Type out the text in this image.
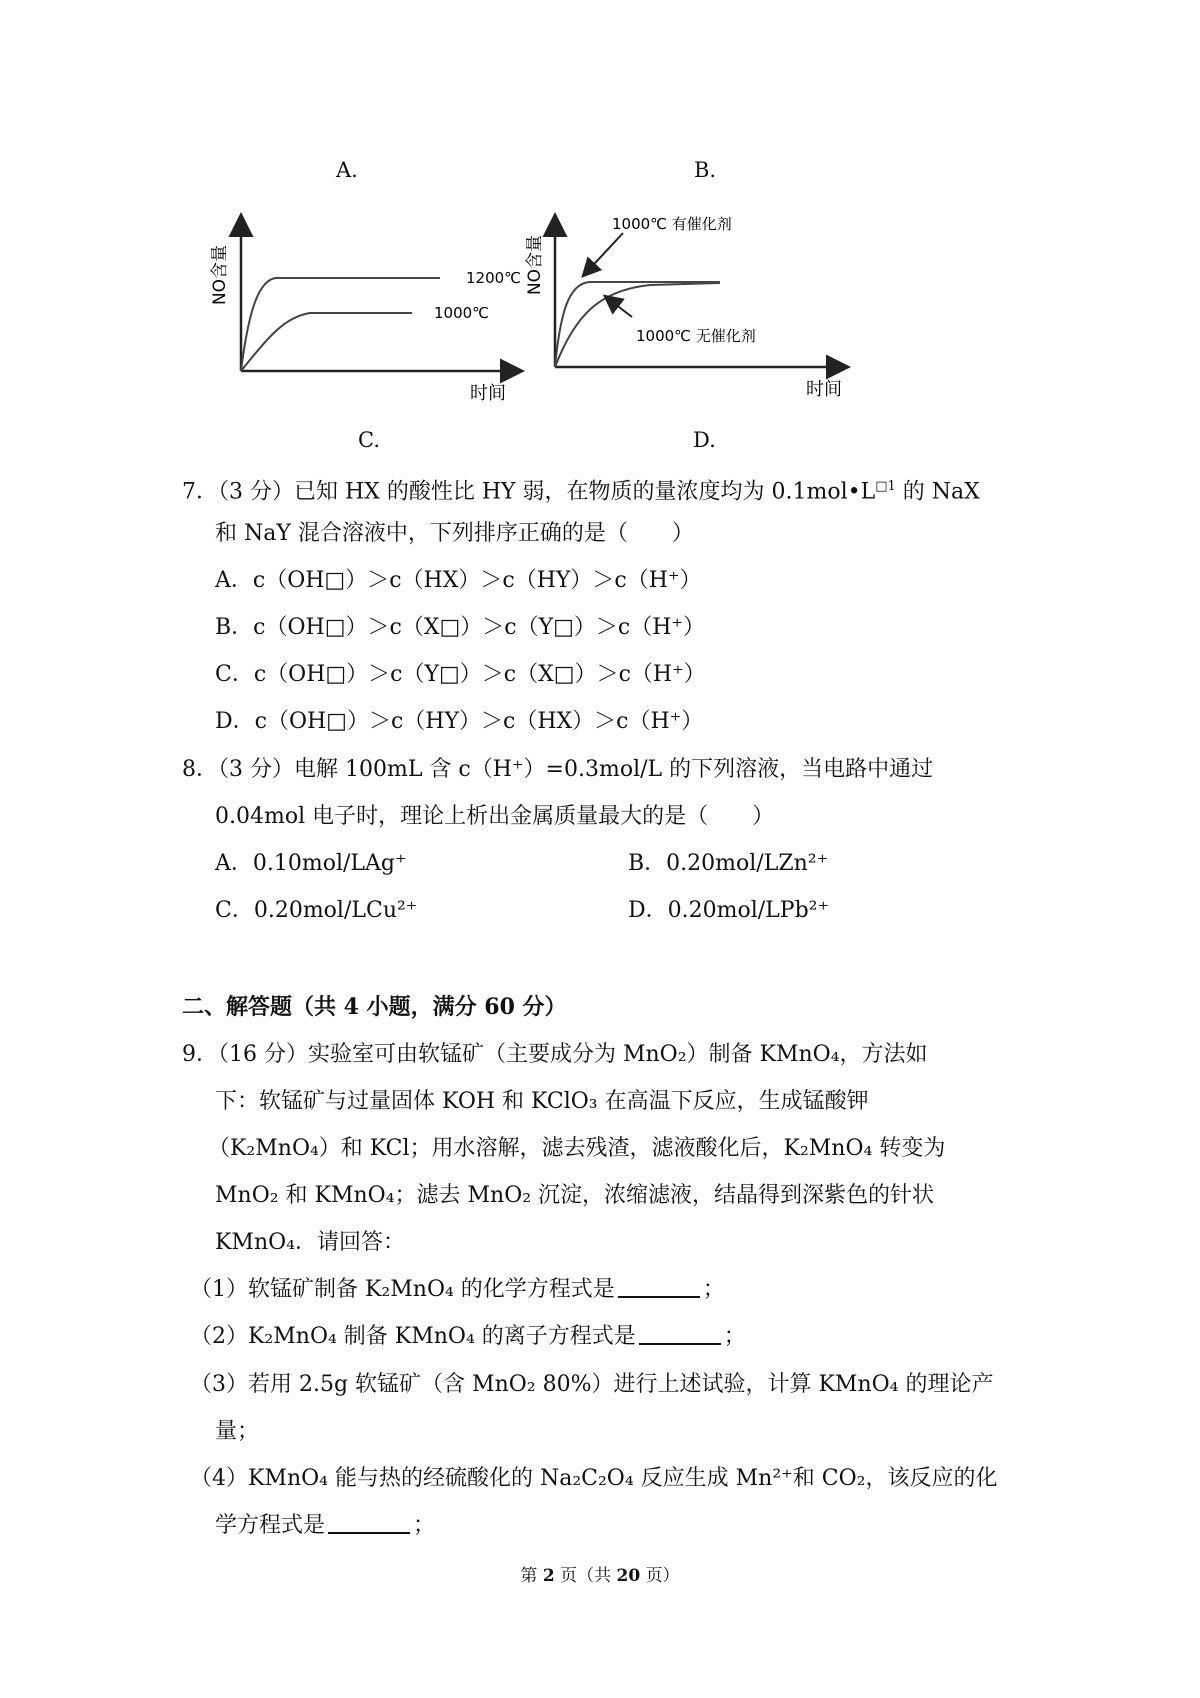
A.	B.
NO含量	1200℃
1000℃
时间
NO含量
1000℃ 有催化剂
1000℃ 无催化剂
时间
C.	D.
7．（3 分）已知 HX 的酸性比 HY 弱，在物质的量浓度均为 $0.1mol•L^{□1}$ 的 NaX
和 NaY 混合溶液中，下列排序正确的是（　　）
A．c（OH□）＞c（HX）＞c（HY）＞c（H⁺）
B．c（OH□）＞c（X□）＞c（Y□）＞c（H⁺）
C．c（OH□）＞c（Y□）＞c（X□）＞c（H⁺）
D．c（OH□）＞c（HY）＞c（HX）＞c（H⁺）
8．（3 分）电解 100mL 含 c（H⁺）=0.3mol/L 的下列溶液，当电路中通过
0.04mol 电子时，理论上析出金属质量最大的是（　　）
A．0.10mol/LAg⁺	B．0.20mol/LZn²⁺
C．0.20mol/LCu²⁺	D．0.20mol/LPb²⁺
二、解答题（共 4 小题，满分 60 分）
9．（16 分）实验室可由软锰矿（主要成分为 MnO₂）制备 KMnO₄，方法如
下：软锰矿与过量固体 KOH 和 KClO₃ 在高温下反应，生成锰酸钾
（K₂MnO₄）和 KCl；用水溶解，滤去残渣，滤液酸化后，K₂MnO₄ 转变为
MnO₂ 和 KMnO₄；滤去 MnO₂ 沉淀，浓缩滤液，结晶得到深紫色的针状
KMnO₄．请回答：
（1）软锰矿制备 K₂MnO₄ 的化学方程式是	；
（2）K₂MnO₄ 制备 KMnO₄ 的离子方程式是	；
（3）若用 2.5g 软锰矿（含 MnO₂ 80%）进行上述试验，计算 KMnO₄ 的理论产
量；
（4）KMnO₄ 能与热的经硫酸化的 Na₂C₂O₄ 反应生成 Mn²⁺和 CO₂，该反应的化
学方程式是	；
第 2 页（共 20 页）
